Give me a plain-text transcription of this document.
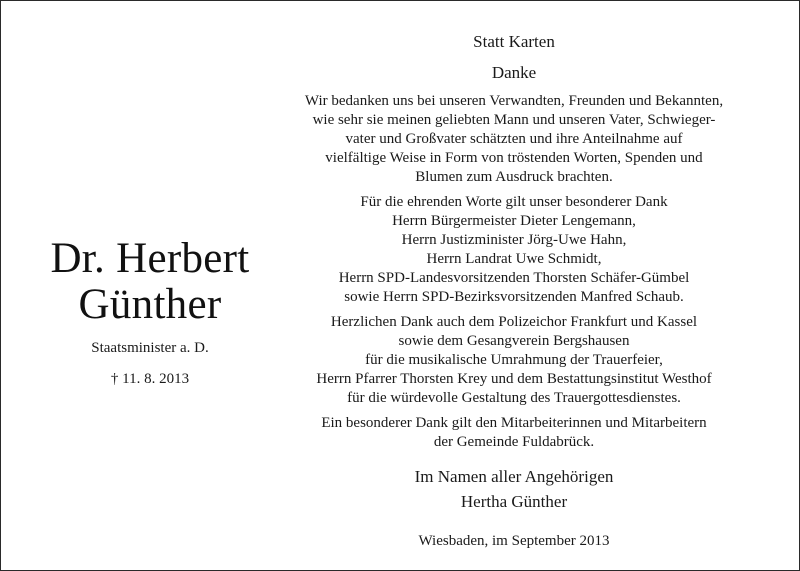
Dr. Herbert
Günther
Staatsminister a. D.
† 11. 8. 2013
Statt Karten
Danke
Wir bedanken uns bei unseren Verwandten, Freunden und Bekannten,
wie sehr sie meinen geliebten Mann und unseren Vater, Schwieger-
vater und Großvater schätzten und ihre Anteilnahme auf
vielfältige Weise in Form von tröstenden Worten, Spenden und
Blumen zum Ausdruck brachten.
Für die ehrenden Worte gilt unser besonderer Dank
Herrn Bürgermeister Dieter Lengemann,
Herrn Justizminister Jörg-Uwe Hahn,
Herrn Landrat Uwe Schmidt,
Herrn SPD-Landesvorsitzenden Thorsten Schäfer-Gümbel
sowie Herrn SPD-Bezirksvorsitzenden Manfred Schaub.
Herzlichen Dank auch dem Polizeichor Frankfurt und Kassel
sowie dem Gesangverein Bergshausen
für die musikalische Umrahmung der Trauerfeier,
Herrn Pfarrer Thorsten Krey und dem Bestattungsinstitut Westhof
für die würdevolle Gestaltung des Trauergottesdienstes.
Ein besonderer Dank gilt den Mitarbeiterinnen und Mitarbeitern
der Gemeinde Fuldabrück.
Im Namen aller Angehörigen
Hertha Günther
Wiesbaden, im September 2013
